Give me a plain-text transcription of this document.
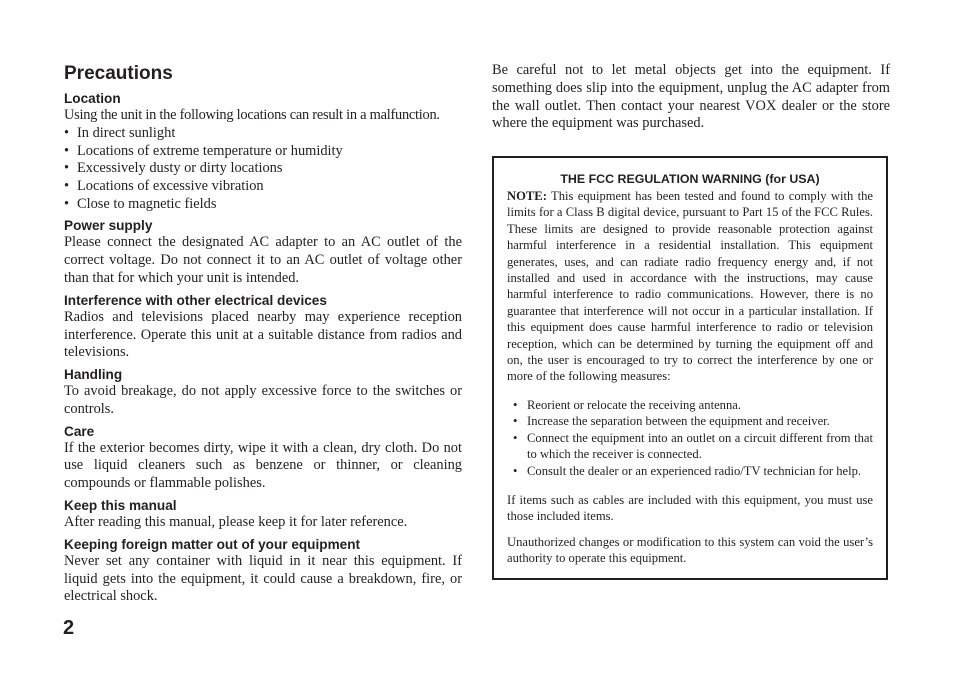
Precautions
Location

Using the unit in the following locations can result in a malfunction.

• In direct sunlight
• Locations of extreme temperature or humidity
• Excessively dusty or dirty locations
• Locations of excessive vibration
• Close to magnetic fields
Power supply

Please connect the designated AC adapter to an AC outlet of the correct voltage. Do not connect it to an AC outlet of voltage other than that for which your unit is intended.

Interference with other electrical devices

Radios and televisions placed nearby may experience reception interference. Operate this unit at a suitable distance from radios and televisions.

Handling

To avoid breakage, do not apply excessive force to the switches or controls.

Care

If the exterior becomes dirty, wipe it with a clean, dry cloth. Do not use liquid cleaners such as benzene or thinner, or cleaning compounds or flammable polishes.

Keep this manual

After reading this manual, please keep it for later reference.

Keeping foreign matter out of your equipment

Never set any container with liquid in it near this equipment. If liquid gets into the equipment, it could cause a breakdown, fire, or electrical shock.

Be careful not to let metal objects get into the equipment. If something does slip into the equipment, unplug the AC adapter from the wall outlet. Then contact your nearest VOX dealer or the store where the equipment was purchased.

THE FCC REGULATION WARNING (for USA)

NOTE: This equipment has been tested and found to comply with the limits for a Class B digital device, pursuant to Part 15 of the FCC Rules. These limits are designed to provide reasonable protection against harmful interference in a residential installation. This equipment generates, uses, and can radiate radio frequency energy and, if not installed and used in accordance with the instructions, may cause harmful interference to radio communications. However, there is no guarantee that interference will not occur in a particular installation. If this equipment does cause harmful interference to radio or television reception, which can be determined by turning the equipment off and on, the user is encouraged to try to correct the interference by one or more of the following measures:

• Reorient or relocate the receiving antenna.
• Increase the separation between the equipment and receiver.
• Connect the equipment into an outlet on a circuit different from that to which the receiver is connected.
• Consult the dealer or an experienced radio/TV technician for help.

If items such as cables are included with this equipment, you must use those included items.

Unauthorized changes or modification to this system can void the user’s authority to operate this equipment.

2
